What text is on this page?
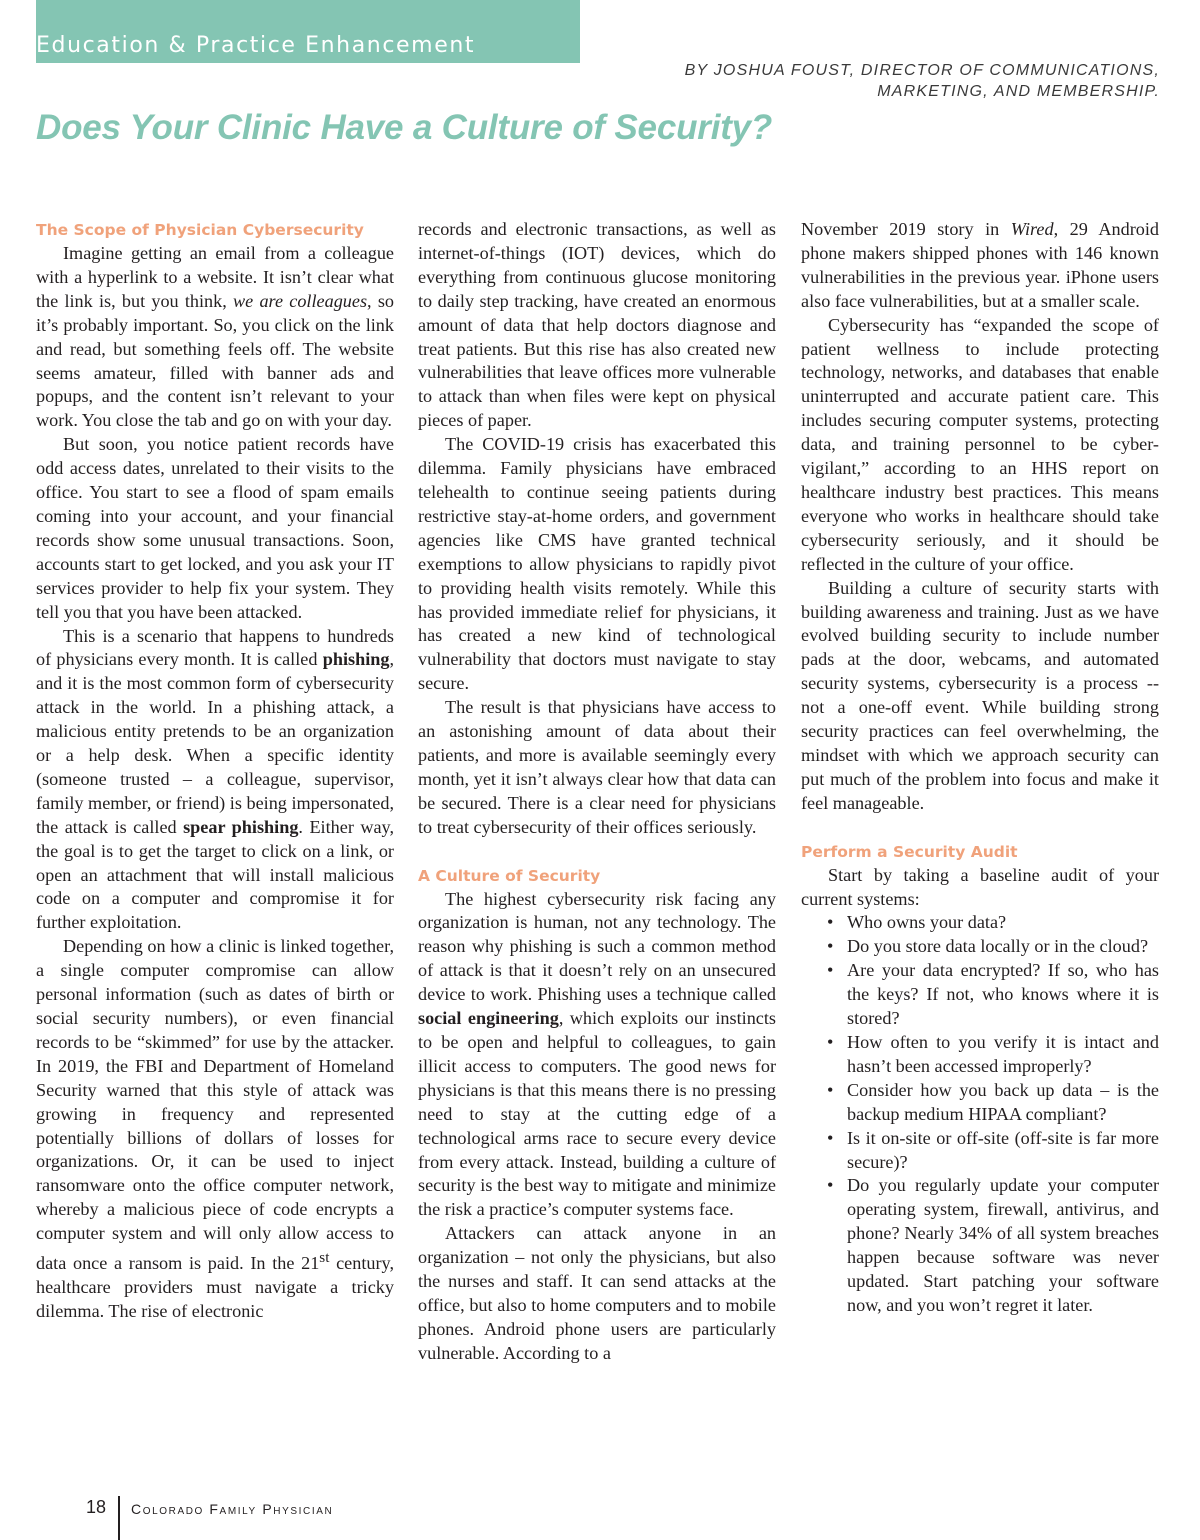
Education & Practice Enhancement
BY JOSHUA FOUST, DIRECTOR OF COMMUNICATIONS,
MARKETING, AND MEMBERSHIP.
Does Your Clinic Have a Culture of Security?
The Scope of Physician Cybersecurity

Imagine getting an email from a colleague with a hyperlink to a website. It isn’t clear what the link is, but you think, we are colleagues, so it’s probably important. So, you click on the link and read, but something feels off. The website seems amateur, filled with banner ads and popups, and the content isn’t relevant to your work. You close the tab and go on with your day.

But soon, you notice patient records have odd access dates, unrelated to their visits to the office. You start to see a flood of spam emails coming into your account, and your financial records show some unusual transactions. Soon, accounts start to get locked, and you ask your IT services provider to help fix your system. They tell you that you have been attacked.

This is a scenario that happens to hundreds of physicians every month. It is called phishing, and it is the most common form of cybersecurity attack in the world. In a phishing attack, a malicious entity pretends to be an organization or a help desk. When a specific identity (someone trusted – a colleague, supervisor, family member, or friend) is being impersonated, the attack is called spear phishing. Either way, the goal is to get the target to click on a link, or open an attachment that will install malicious code on a computer and compromise it for further exploitation.

Depending on how a clinic is linked together, a single computer compromise can allow personal information (such as dates of birth or social security numbers), or even financial records to be “skimmed” for use by the attacker. In 2019, the FBI and Department of Homeland Security warned that this style of attack was growing in frequency and represented potentially billions of dollars of losses for organizations. Or, it can be used to inject ransomware onto the office computer network, whereby a malicious piece of code encrypts a computer system and will only allow access to data once a ransom is paid. In the 21st century, healthcare providers must navigate a tricky dilemma. The rise of electronic

records and electronic transactions, as well as internet-of-things (IOT) devices, which do everything from continuous glucose monitoring to daily step tracking, have created an enormous amount of data that help doctors diagnose and treat patients. But this rise has also created new vulnerabilities that leave offices more vulnerable to attack than when files were kept on physical pieces of paper.

The COVID-19 crisis has exacerbated this dilemma. Family physicians have embraced telehealth to continue seeing patients during restrictive stay-at-home orders, and government agencies like CMS have granted technical exemptions to allow physicians to rapidly pivot to providing health visits remotely. While this has provided immediate relief for physicians, it has created a new kind of technological vulnerability that doctors must navigate to stay secure.

The result is that physicians have access to an astonishing amount of data about their patients, and more is available seemingly every month, yet it isn’t always clear how that data can be secured. There is a clear need for physicians to treat cybersecurity of their offices seriously.

A Culture of Security

The highest cybersecurity risk facing any organization is human, not any technology. The reason why phishing is such a common method of attack is that it doesn’t rely on an unsecured device to work. Phishing uses a technique called social engineering, which exploits our instincts to be open and helpful to colleagues, to gain illicit access to computers. The good news for physicians is that this means there is no pressing need to stay at the cutting edge of a technological arms race to secure every device from every attack. Instead, building a culture of security is the best way to mitigate and minimize the risk a practice’s computer systems face.

Attackers can attack anyone in an organization – not only the physicians, but also the nurses and staff. It can send attacks at the office, but also to home computers and to mobile phones. Android phone users are particularly vulnerable. According to a

November 2019 story in Wired, 29 Android phone makers shipped phones with 146 known vulnerabilities in the previous year. iPhone users also face vulnerabilities, but at a smaller scale.

Cybersecurity has “expanded the scope of patient wellness to include protecting technology, networks, and databases that enable uninterrupted and accurate patient care. This includes securing computer systems, protecting data, and training personnel to be cyber-vigilant,” according to an HHS report on healthcare industry best practices. This means everyone who works in healthcare should take cybersecurity seriously, and it should be reflected in the culture of your office.

Building a culture of security starts with building awareness and training. Just as we have evolved building security to include number pads at the door, webcams, and automated security systems, cybersecurity is a process -- not a one-off event. While building strong security practices can feel overwhelming, the mindset with which we approach security can put much of the problem into focus and make it feel manageable.

Perform a Security Audit

Start by taking a baseline audit of your current systems:

• Who owns your data?
• Do you store data locally or in the cloud?
• Are your data encrypted? If so, who has the keys? If not, who knows where it is stored?
• How often to you verify it is intact and hasn’t been accessed improperly?
• Consider how you back up data – is the backup medium HIPAA compliant?
• Is it on-site or off-site (off-site is far more secure)?
• Do you regularly update your computer operating system, firewall, antivirus, and phone? Nearly 34% of all system breaches happen because software was never updated. Start patching your software now, and you won’t regret it later.
18 Colorado Family Physician
